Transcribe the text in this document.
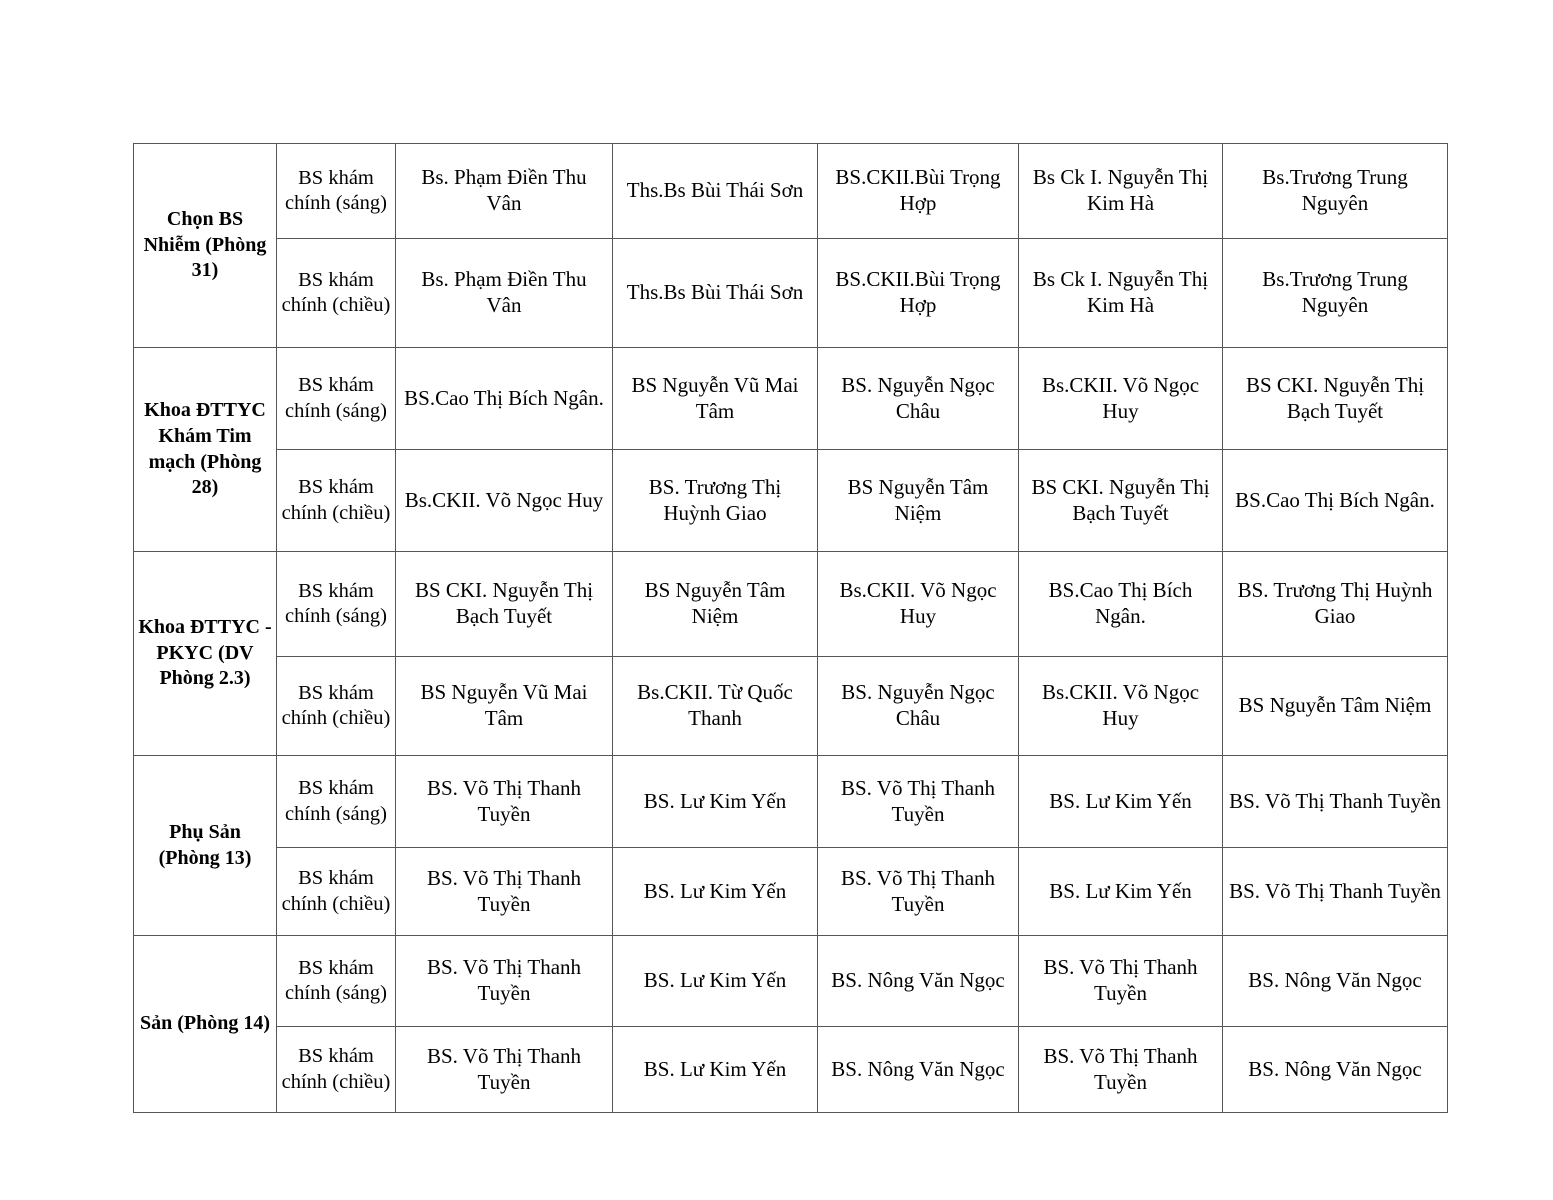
Chọn BS Nhiễm (Phòng 31)	BS khám chính (sáng)	Bs. Phạm Điền Thu Vân	Ths.Bs Bùi Thái Sơn	BS.CKII.Bùi Trọng Hợp	Bs Ck I. Nguyễn Thị Kim Hà	Bs.Trương Trung Nguyên
	BS khám chính (chiều)	Bs. Phạm Điền Thu Vân	Ths.Bs Bùi Thái Sơn	BS.CKII.Bùi Trọng Hợp	Bs Ck I. Nguyễn Thị Kim Hà	Bs.Trương Trung Nguyên
Khoa ĐTTYC Khám Tim mạch (Phòng 28)	BS khám chính (sáng)	BS.Cao Thị Bích Ngân.	BS Nguyễn Vũ Mai Tâm	BS. Nguyễn Ngọc Châu	Bs.CKII. Võ Ngọc Huy	BS CKI. Nguyễn Thị Bạch Tuyết
	BS khám chính (chiều)	Bs.CKII. Võ Ngọc Huy	BS. Trương Thị Huỳnh Giao	BS Nguyễn Tâm Niệm	BS CKI. Nguyễn Thị Bạch Tuyết	BS.Cao Thị Bích Ngân.
Khoa ĐTTYC - PKYC (DV Phòng 2.3)	BS khám chính (sáng)	BS CKI. Nguyễn Thị Bạch Tuyết	BS Nguyễn Tâm Niệm	Bs.CKII. Võ Ngọc Huy	BS.Cao Thị Bích Ngân.	BS. Trương Thị Huỳnh Giao
	BS khám chính (chiều)	BS Nguyễn Vũ Mai Tâm	Bs.CKII. Từ Quốc Thanh	BS. Nguyễn Ngọc Châu	Bs.CKII. Võ Ngọc Huy	BS Nguyễn Tâm Niệm
Phụ Sản (Phòng 13)	BS khám chính (sáng)	BS. Võ Thị Thanh Tuyền	BS. Lư Kim Yến	BS. Võ Thị Thanh Tuyền	BS. Lư Kim Yến	BS. Võ Thị Thanh Tuyền
	BS khám chính (chiều)	BS. Võ Thị Thanh Tuyền	BS. Lư Kim Yến	BS. Võ Thị Thanh Tuyền	BS. Lư Kim Yến	BS. Võ Thị Thanh Tuyền
Sản (Phòng 14)	BS khám chính (sáng)	BS. Võ Thị Thanh Tuyền	BS. Lư Kim Yến	BS. Nông Văn Ngọc	BS. Võ Thị Thanh Tuyền	BS. Nông Văn Ngọc
	BS khám chính (chiều)	BS. Võ Thị Thanh Tuyền	BS. Lư Kim Yến	BS. Nông Văn Ngọc	BS. Võ Thị Thanh Tuyền	BS. Nông Văn Ngọc
